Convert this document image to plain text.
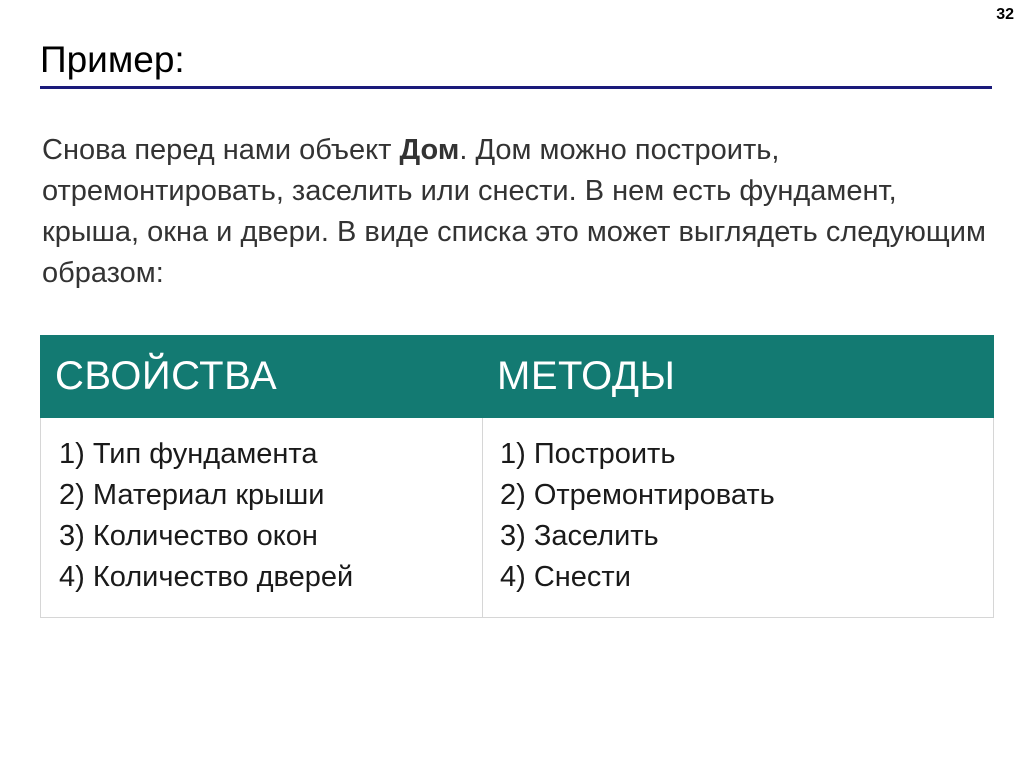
32
Пример:

Снова перед нами объект Дом. Дом можно построить, отремонтировать, заселить или снести. В нем есть фундамент, крыша, окна и двери. В виде списка это может выглядеть следующим образом:

СВОЙСТВА	МЕТОДЫ
1) Тип фундамента
2) Материал крыши
3) Количество окон
4) Количество дверей
1) Построить
2) Отремонтировать
3) Заселить
4) Снести
